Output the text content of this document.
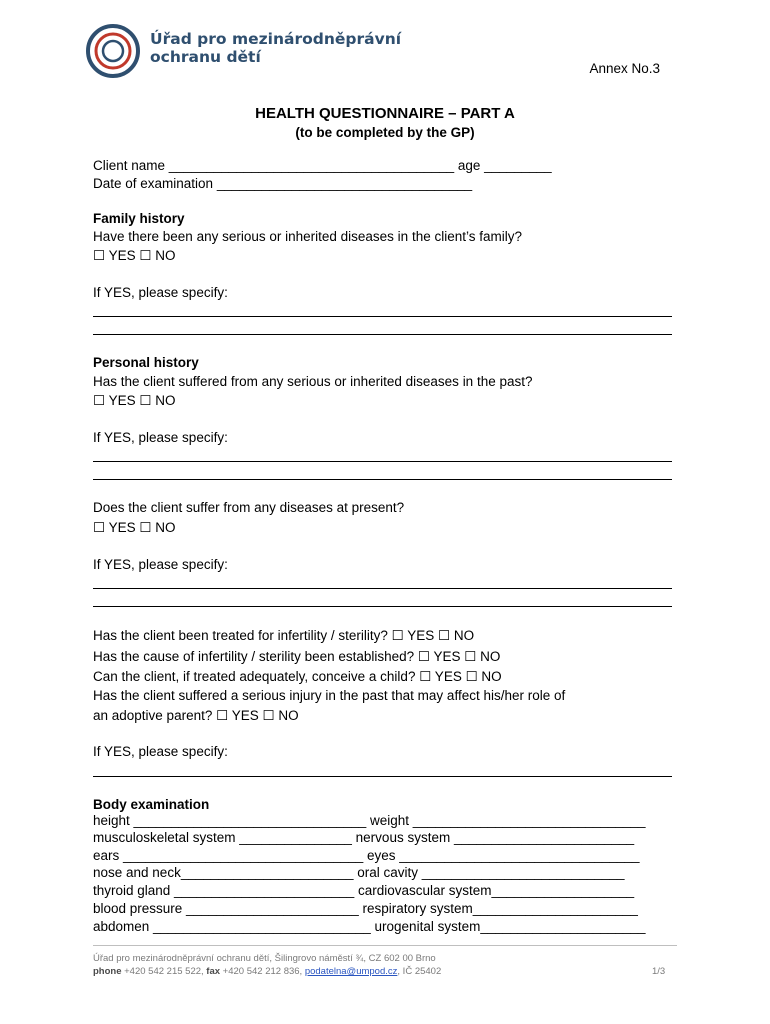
Úřad pro mezinárodněprávní
ochranu dětí
Annex No.3
HEALTH QUESTIONNAIRE – PART A
(to be completed by the GP)
Client name ______________________________________ age _________
Date of examination __________________________________
Family history
Have there been any serious or inherited diseases in the client’s family?
☐ YES ☐ NO
If YES, please specify:
Personal history
Has the client suffered from any serious or inherited diseases in the past?
☐ YES ☐ NO
If YES, please specify:
Does the client suffer from any diseases at present?
☐ YES ☐ NO
If YES, please specify:
Has the client been treated for infertility / sterility? ☐ YES ☐ NO
Has the cause of infertility / sterility been established? ☐ YES ☐ NO
Can the client, if treated adequately, conceive a child? ☐ YES ☐ NO
Has the client suffered a serious injury in the past that may affect his/her role of
an adoptive parent? ☐ YES ☐ NO
If YES, please specify:
Body examination
height _______________________________ weight _______________________________
musculoskeletal system _______________ nervous system ________________________
ears ________________________________ eyes ________________________________
nose and neck_______________________ oral cavity ___________________________
thyroid gland ________________________ cardiovascular system___________________
blood pressure _______________________ respiratory system______________________
abdomen _____________________________ urogenital system______________________
Úřad pro mezinárodněprávní ochranu dětí, Šilingrovo náměstí ¾, CZ 602 00 Brno
phone +420 542 215 522, fax +420 542 212 836, podatelna@umpod.cz, IČ 25402	1/3
